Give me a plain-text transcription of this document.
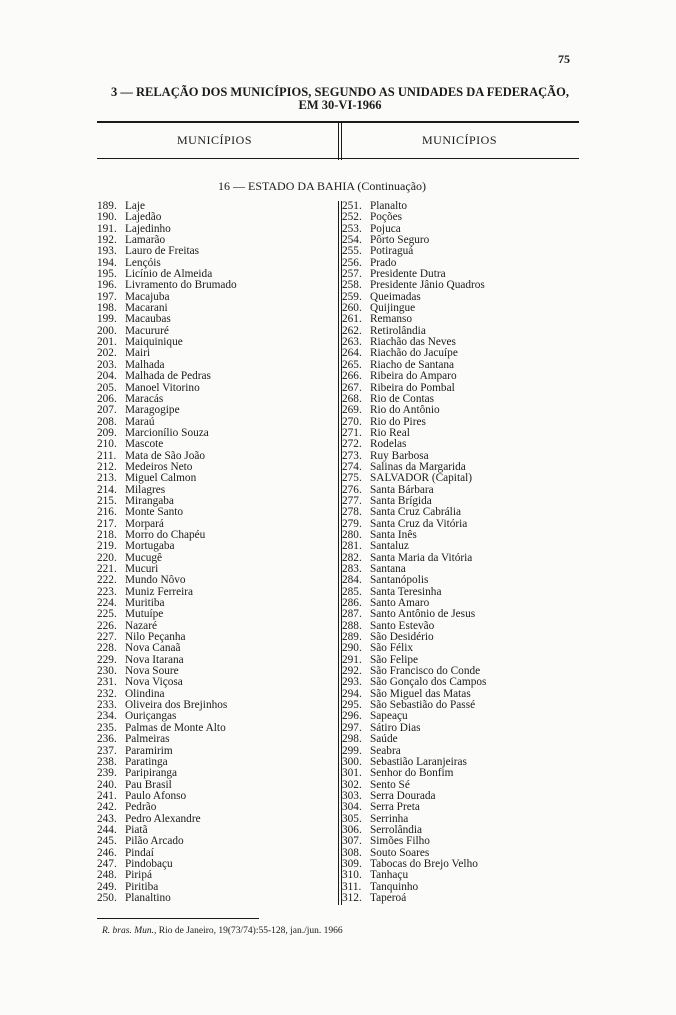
75
3 — RELAÇÃO DOS MUNICÍPIOS, SEGUNDO AS UNIDADES DA FEDERAÇÃO,
EM 30-VI-1966
MUNICÍPIOS	MUNICÍPIOS
16 — ESTADO DA BAHIA (Continuação)
189. Laje
190. Lajedão
191. Lajedinho
192. Lamarão
193. Lauro de Freitas
194. Lençóis
195. Licínio de Almeida
196. Livramento do Brumado
197. Macajuba
198. Macarani
199. Macaubas
200. Macururé
201. Maiquinique
202. Mairi
203. Malhada
204. Malhada de Pedras
205. Manoel Vitorino
206. Maracás
207. Maragogipe
208. Maraú
209. Marcionílio Souza
210. Mascote
211. Mata de São João
212. Medeiros Neto
213. Miguel Calmon
214. Milagres
215. Mirangaba
216. Monte Santo
217. Morpará
218. Morro do Chapéu
219. Mortugaba
220. Mucugê
221. Mucuri
222. Mundo Nôvo
223. Muniz Ferreira
224. Muritiba
225. Mutuípe
226. Nazaré
227. Nilo Peçanha
228. Nova Canaã
229. Nova Itarana
230. Nova Soure
231. Nova Viçosa
232. Olindina
233. Oliveira dos Brejinhos
234. Ouriçangas
235. Palmas de Monte Alto
236. Palmeiras
237. Paramirim
238. Paratinga
239. Paripiranga
240. Pau Brasil
241. Paulo Afonso
242. Pedrão
243. Pedro Alexandre
244. Piatã
245. Pilão Arcado
246. Pindaí
247. Pindobaçu
248. Piripá
249. Piritiba
250. Planaltino
251. Planalto
252. Poções
253. Pojuca
254. Pôrto Seguro
255. Potiraguá
256. Prado
257. Presidente Dutra
258. Presidente Jânio Quadros
259. Queimadas
260. Quijingue
261. Remanso
262. Retirolândia
263. Riachão das Neves
264. Riachão do Jacuípe
265. Riacho de Santana
266. Ribeira do Amparo
267. Ribeira do Pombal
268. Rio de Contas
269. Rio do Antônio
270. Rio do Pires
271. Rio Real
272. Rodelas
273. Ruy Barbosa
274. Salinas da Margarida
275. SALVADOR (Capital)
276. Santa Bárbara
277. Santa Brígida
278. Santa Cruz Cabrália
279. Santa Cruz da Vitória
280. Santa Inês
281. Santaluz
282. Santa Maria da Vitória
283. Santana
284. Santanópolis
285. Santa Teresinha
286. Santo Amaro
287. Santo Antônio de Jesus
288. Santo Estevão
289. São Desidério
290. São Félix
291. São Felipe
292. São Francisco do Conde
293. São Gonçalo dos Campos
294. São Miguel das Matas
295. São Sebastião do Passé
296. Sapeaçu
297. Sátiro Dias
298. Saúde
299. Seabra
300. Sebastião Laranjeiras
301. Senhor do Bonfim
302. Sento Sé
303. Serra Dourada
304. Serra Preta
305. Serrinha
306. Serrolândia
307. Simões Filho
308. Souto Soares
309. Tabocas do Brejo Velho
310. Tanhaçu
311. Tanquinho
312. Taperoá
R. bras. Mun., Rio de Janeiro, 19(73/74):55-128, jan./jun. 1966
